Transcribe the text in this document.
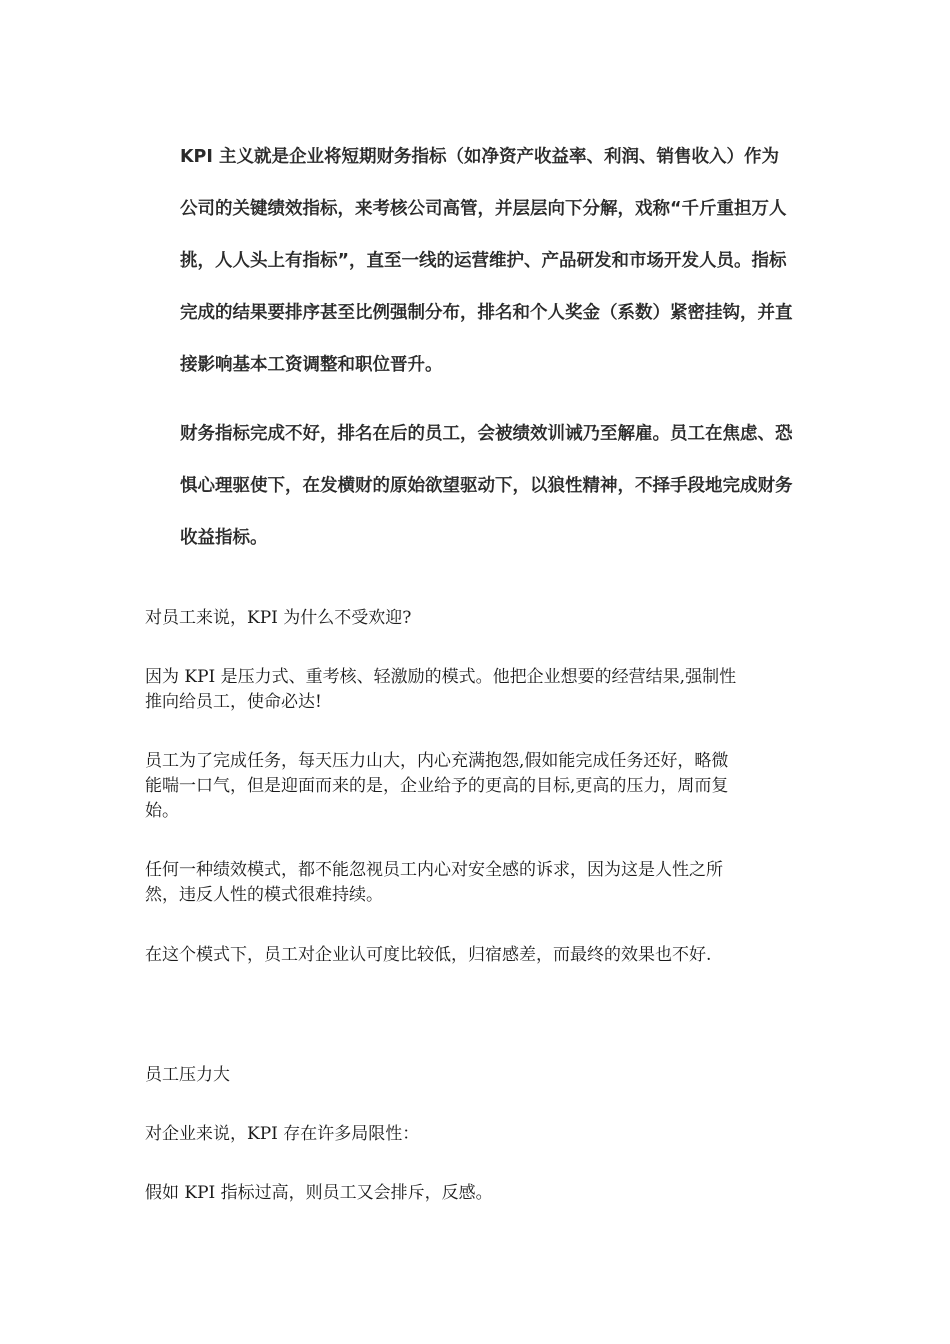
KPI 主义就是企业将短期财务指标（如净资产收益率、利润、销售收入）作为
公司的关键绩效指标，来考核公司高管，并层层向下分解，戏称“千斤重担万人
挑，人人头上有指标”，直至一线的运营维护、产品研发和市场开发人员。指标
完成的结果要排序甚至比例强制分布，排名和个人奖金（系数）紧密挂钩，并直
接影响基本工资调整和职位晋升。
财务指标完成不好，排名在后的员工，会被绩效训诫乃至解雇。员工在焦虑、恐
惧心理驱使下，在发横财的原始欲望驱动下，以狼性精神，不择手段地完成财务
收益指标。

对员工来说，KPI 为什么不受欢迎?

因为 KPI 是压力式、重考核、轻激励的模式。他把企业想要的经营结果,强制性
推向给员工，使命必达!
员工为了完成任务，每天压力山大，内心充满抱怨,假如能完成任务还好，略微
能喘一口气，但是迎面而来的是，企业给予的更高的目标,更高的压力，周而复
始。
任何一种绩效模式，都不能忽视员工内心对安全感的诉求，因为这是人性之所
然，违反人性的模式很难持续。

在这个模式下，员工对企业认可度比较低，归宿感差，而最终的效果也不好.

员工压力大

对企业来说，KPI 存在许多局限性：

假如 KPI 指标过高，则员工又会排斥，反感。
